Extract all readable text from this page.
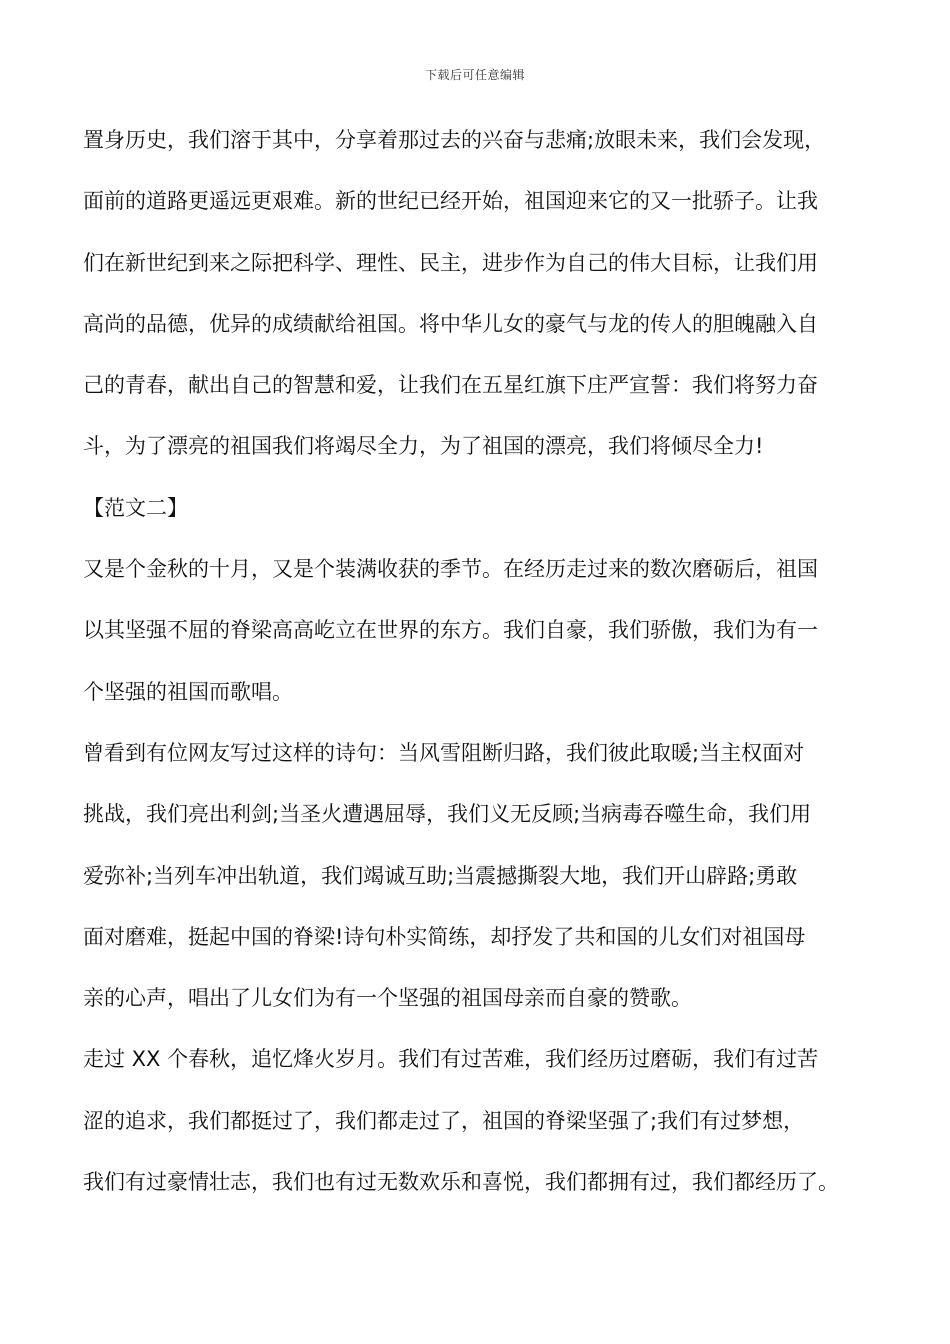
下载后可任意编辑
置身历史，我们溶于其中，分享着那过去的兴奋与悲痛;放眼未来，我们会发现，
面前的道路更遥远更艰难。新的世纪已经开始，祖国迎来它的又一批骄子。让我
们在新世纪到来之际把科学、理性、民主，进步作为自己的伟大目标，让我们用
高尚的品德，优异的成绩献给祖国。将中华儿女的豪气与龙的传人的胆魄融入自
己的青春，献出自己的智慧和爱，让我们在五星红旗下庄严宣誓：我们将努力奋
斗，为了漂亮的祖国我们将竭尽全力，为了祖国的漂亮，我们将倾尽全力!
【范文二】
又是个金秋的十月，又是个装满收获的季节。在经历走过来的数次磨砺后，祖国
以其坚强不屈的脊梁高高屹立在世界的东方。我们自豪，我们骄傲，我们为有一
个坚强的祖国而歌唱。
曾看到有位网友写过这样的诗句：当风雪阻断归路，我们彼此取暖;当主权面对
挑战，我们亮出利剑;当圣火遭遇屈辱，我们义无反顾;当病毒吞噬生命，我们用
爱弥补;当列车冲出轨道，我们竭诚互助;当震撼撕裂大地，我们开山辟路;勇敢
面对磨难，挺起中国的脊梁!诗句朴实简练，却抒发了共和国的儿女们对祖国母
亲的心声，唱出了儿女们为有一个坚强的祖国母亲而自豪的赞歌。
走过 XX 个春秋，追忆烽火岁月。我们有过苦难，我们经历过磨砺，我们有过苦
涩的追求，我们都挺过了，我们都走过了，祖国的脊梁坚强了;我们有过梦想，
我们有过豪情壮志，我们也有过无数欢乐和喜悦，我们都拥有过，我们都经历了。
